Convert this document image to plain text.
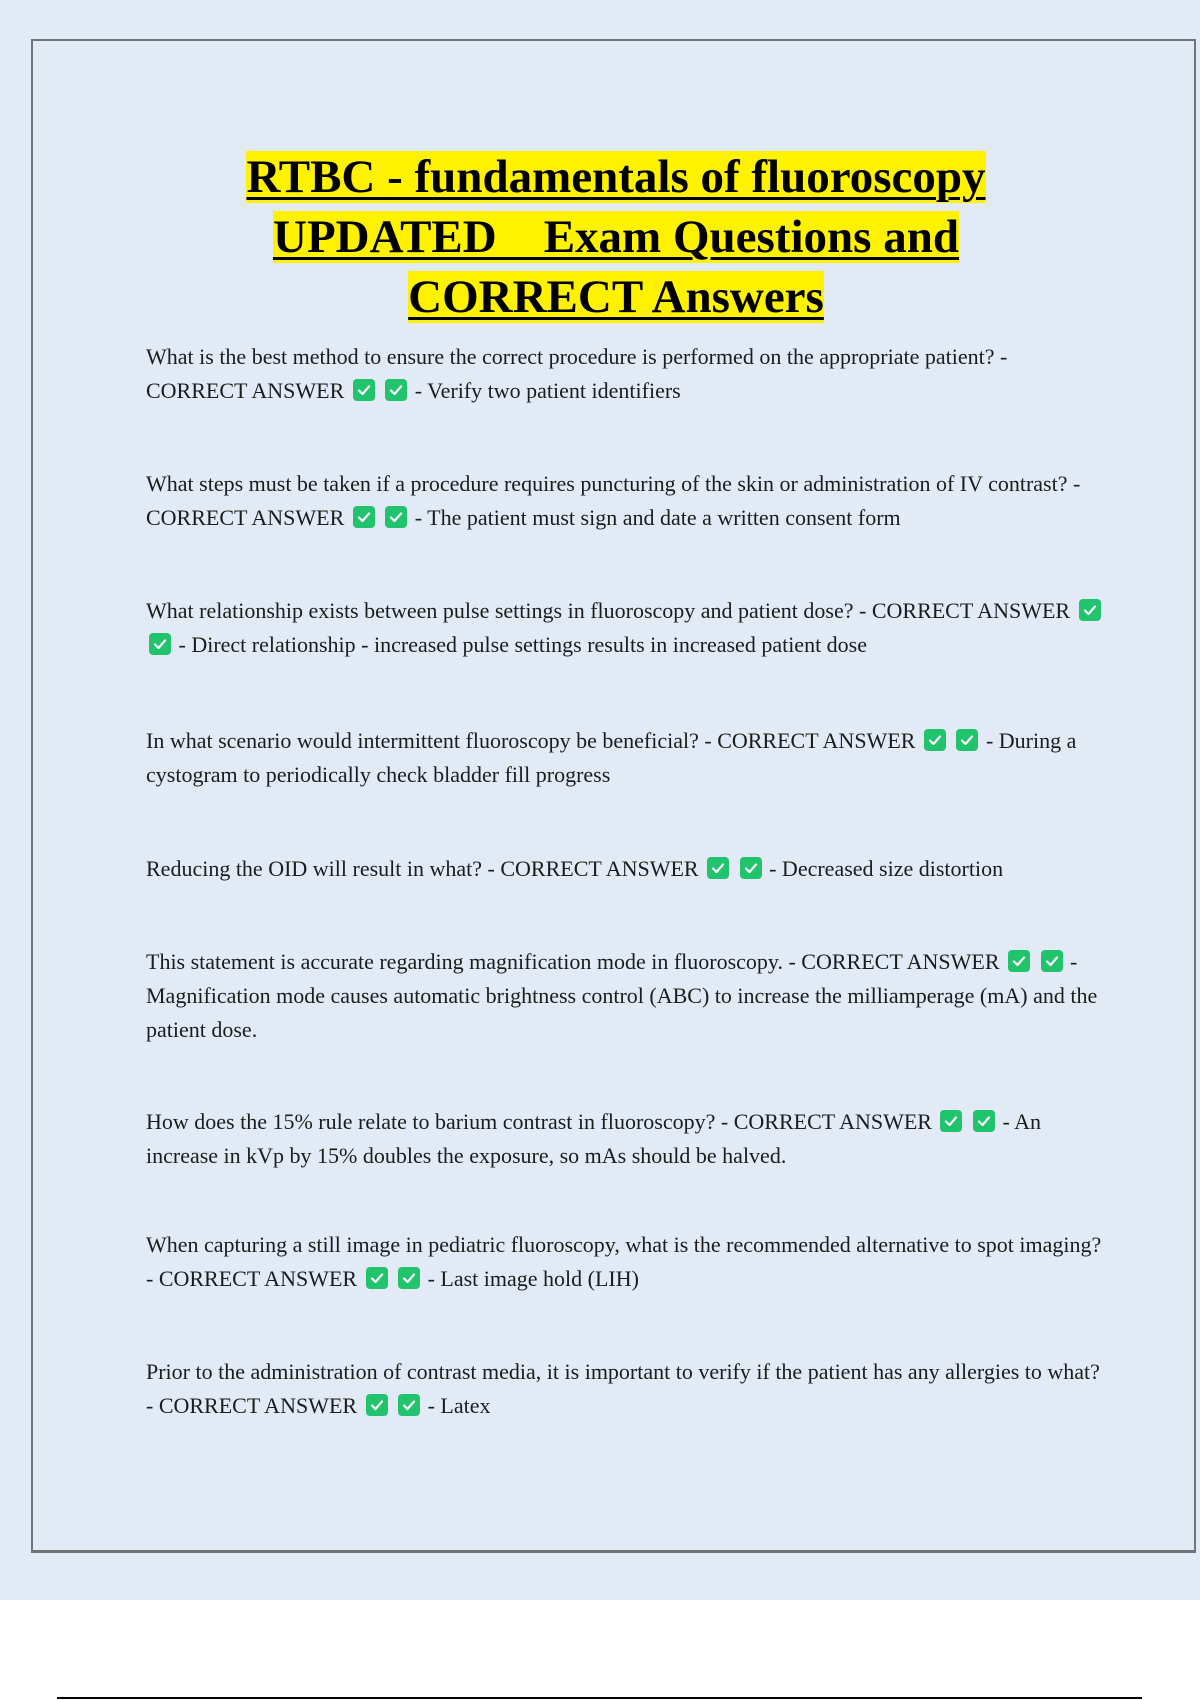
RTBC - fundamentals of fluoroscopy
UPDATED    Exam Questions and
CORRECT Answers

What is the best method to ensure the correct procedure is performed on the appropriate patient? - CORRECT ANSWER
	- Verify two patient identifiers

What steps must be taken if a procedure requires puncturing of the skin or administration of IV contrast? - CORRECT ANSWER
	- The patient must sign and date a written consent form

What relationship exists between pulse settings in fluoroscopy and patient dose? - CORRECT ANSWER

- Direct relationship - increased pulse settings results in increased patient dose

In what scenario would intermittent fluoroscopy be beneficial? - CORRECT ANSWER
	- During a cystogram to periodically check bladder fill progress

Reducing the OID will result in what? - CORRECT ANSWER
	- Decreased size distortion

This statement is accurate regarding magnification mode in fluoroscopy. - CORRECT ANSWER
	- Magnification mode causes automatic brightness control (ABC) to increase the milliamperage (mA) and the patient dose.

How does the 15% rule relate to barium contrast in fluoroscopy? - CORRECT ANSWER
	- An increase in kVp by 15% doubles the exposure, so mAs should be halved.

When capturing a still image in pediatric fluoroscopy, what is the recommended alternative to spot imaging? - CORRECT ANSWER
	- Last image hold (LIH)

Prior to the administration of contrast media, it is important to verify if the patient has any allergies to what? - CORRECT ANSWER
	- Latex
